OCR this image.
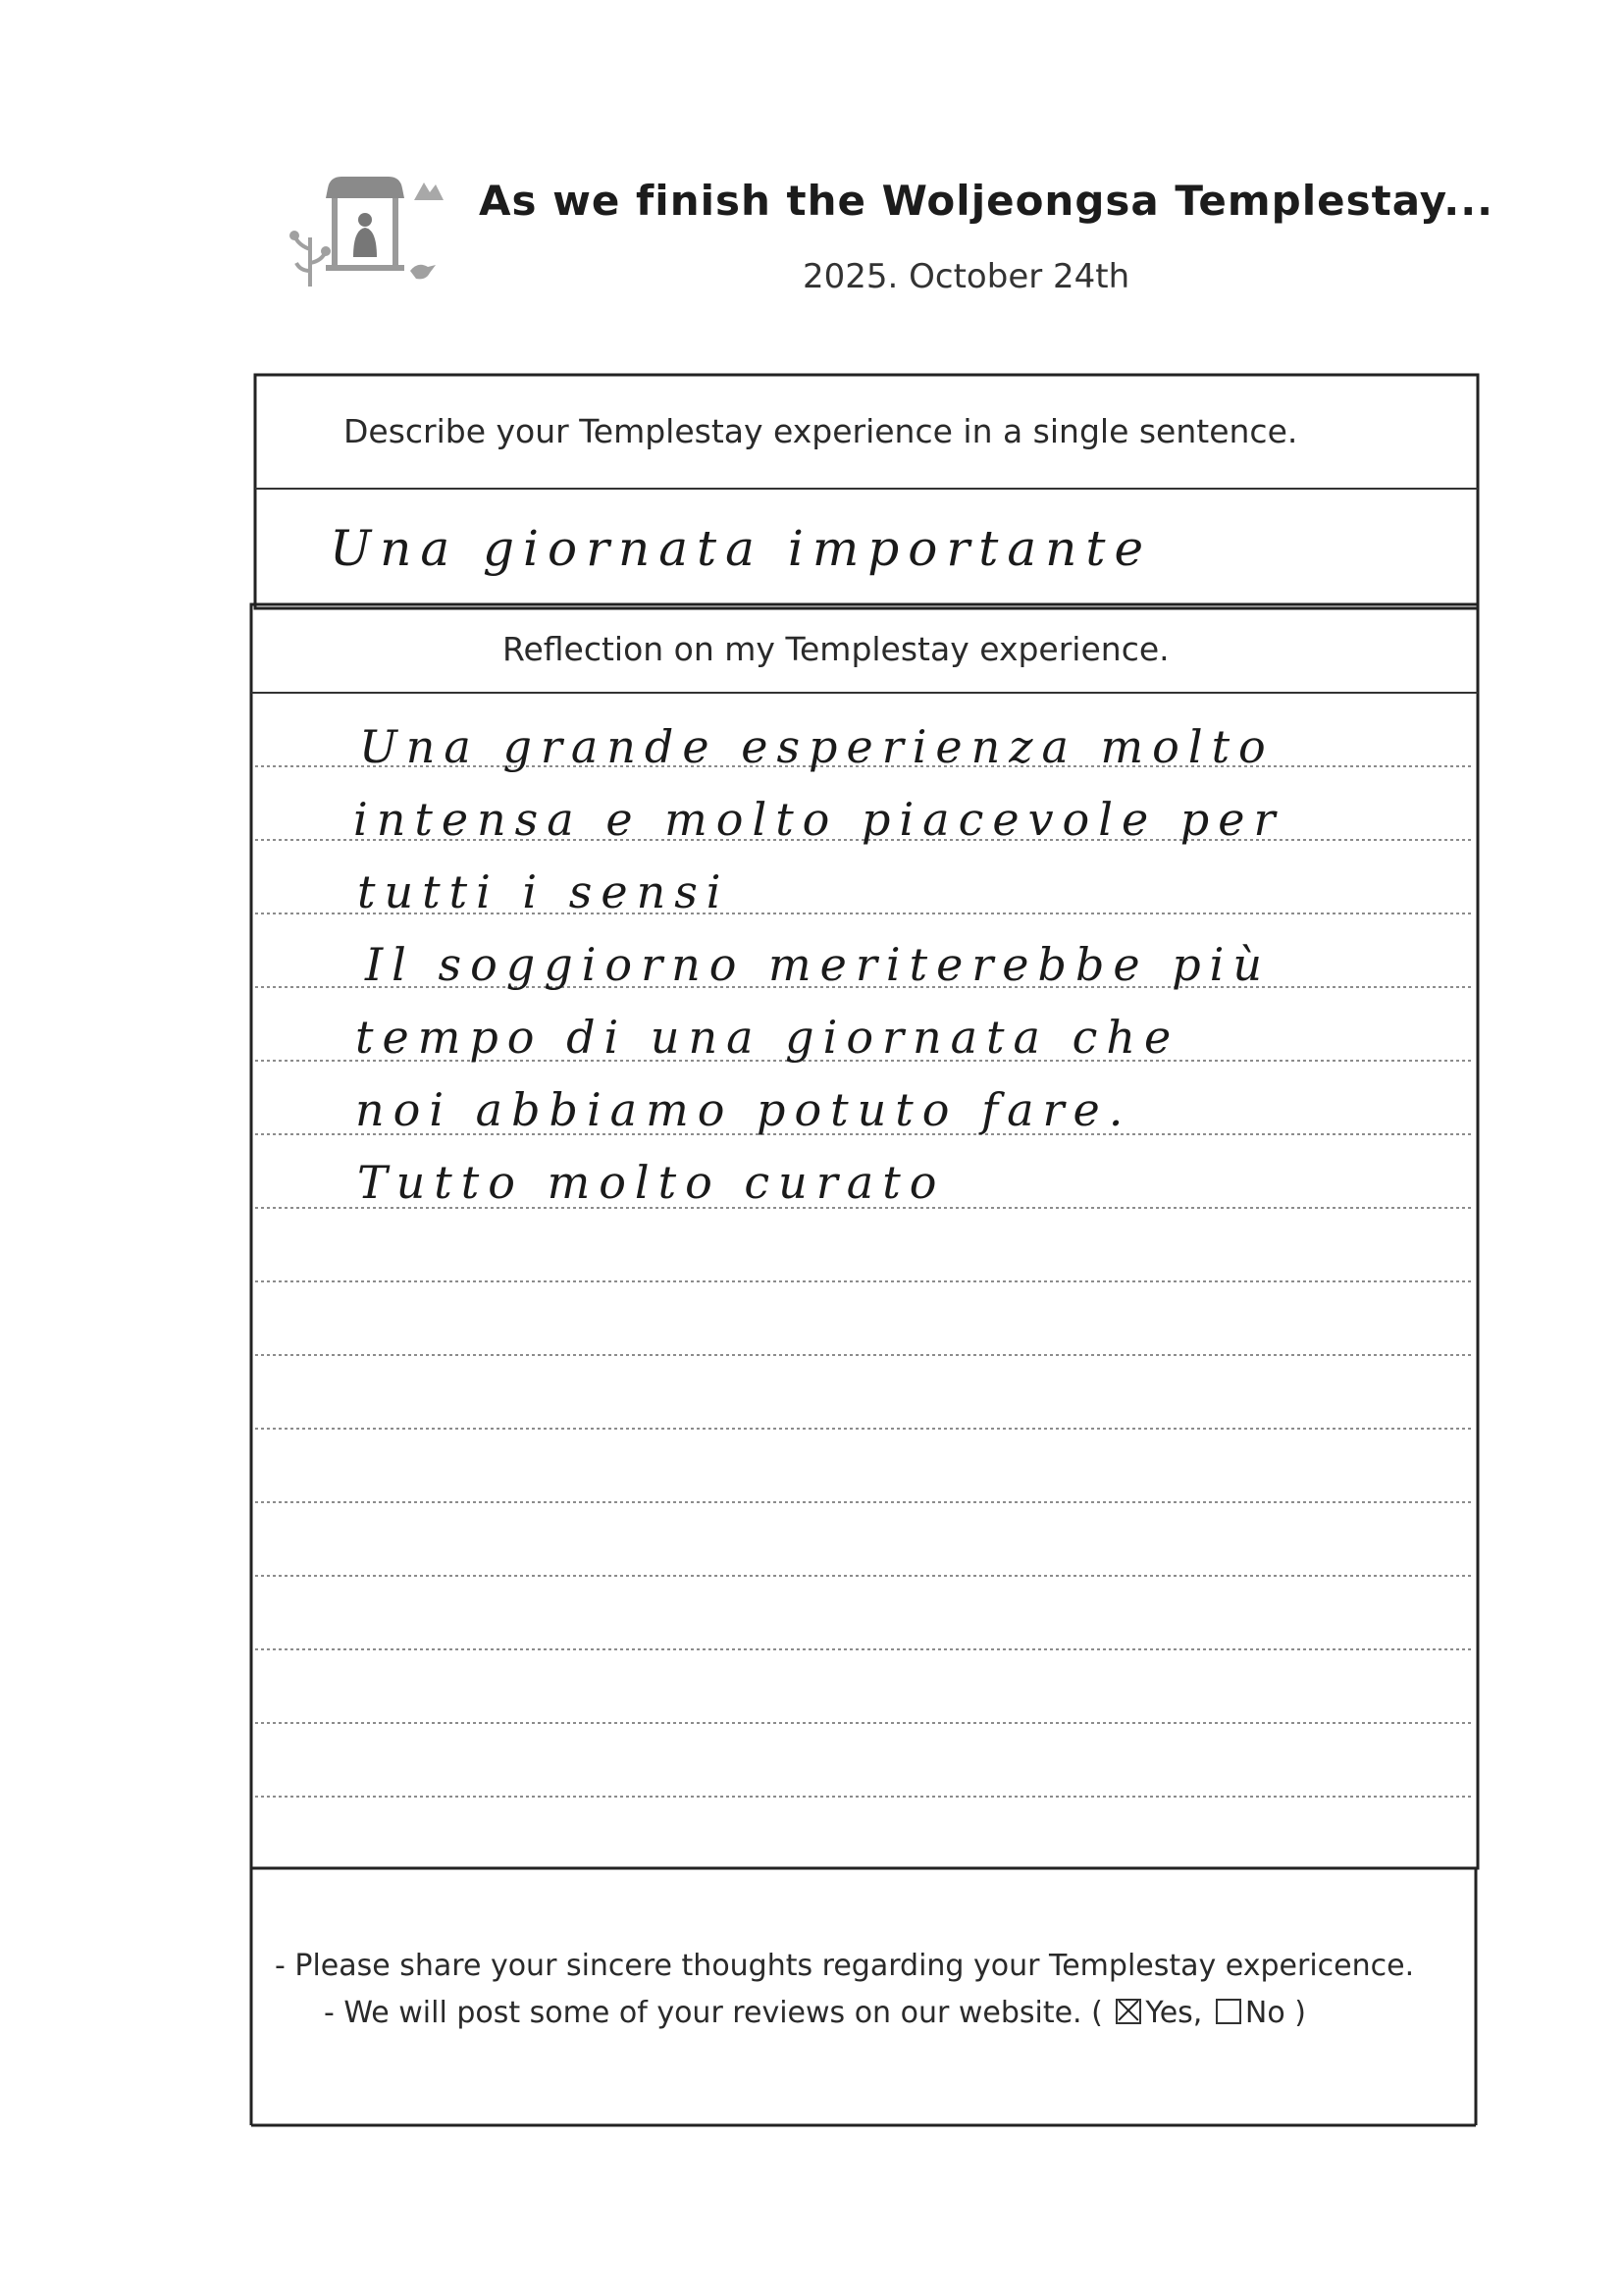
As we finish the Woljeongsa Templestay...
2025. October 24th
Describe your Templestay experience in a single sentence.
Una giornata importante
Reflection on my Templestay experience.
Una grande esperienza molto
intensa e molto piacevole per
tutti i sensi
Il soggiorno meriterebbe più
tempo di una giornata che
noi abbiamo potuto fare.
Tutto molto curato
- Please share your sincere thoughts regarding your Templestay expericence.
- We will post some of your reviews on our website. ( Yes, No )
